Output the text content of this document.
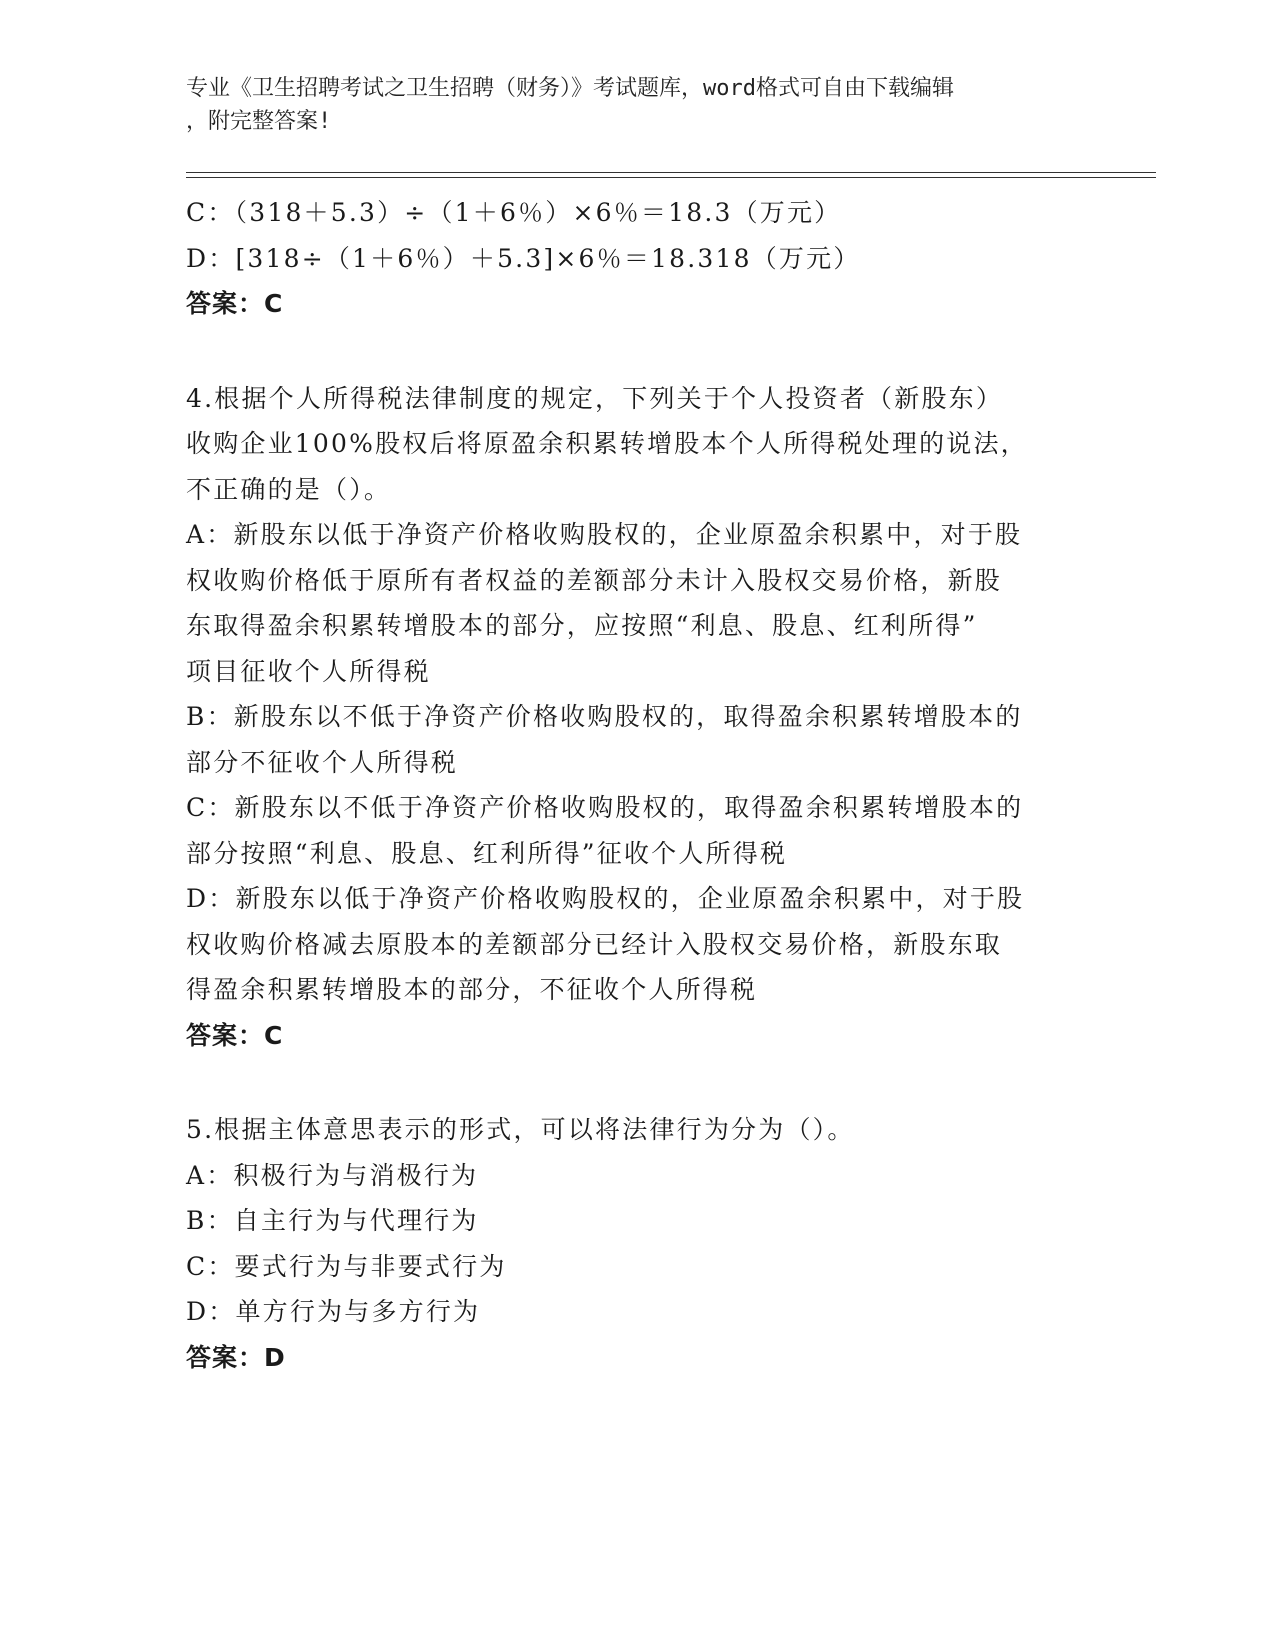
专业《卫生招聘考试之卫生招聘（财务）》考试题库，word格式可自由下载编辑
，附完整答案!
C：（318＋5.3）÷（1＋6％）×6％＝18.3（万元）
D：[318÷（1＋6％）＋5.3]×6％＝18.318（万元）
答案：C
4.根据个人所得税法律制度的规定，下列关于个人投资者（新股东）
收购企业100%股权后将原盈余积累转增股本个人所得税处理的说法，
不正确的是（）。
A：新股东以低于净资产价格收购股权的，企业原盈余积累中，对于股
权收购价格低于原所有者权益的差额部分未计入股权交易价格，新股
东取得盈余积累转增股本的部分，应按照“利息、股息、红利所得”
项目征收个人所得税
B：新股东以不低于净资产价格收购股权的，取得盈余积累转增股本的
部分不征收个人所得税
C：新股东以不低于净资产价格收购股权的，取得盈余积累转增股本的
部分按照“利息、股息、红利所得”征收个人所得税
D：新股东以低于净资产价格收购股权的，企业原盈余积累中，对于股
权收购价格减去原股本的差额部分已经计入股权交易价格，新股东取
得盈余积累转增股本的部分，不征收个人所得税
答案：C
5.根据主体意思表示的形式，可以将法律行为分为（）。
A：积极行为与消极行为
B：自主行为与代理行为
C：要式行为与非要式行为
D：单方行为与多方行为
答案：D
